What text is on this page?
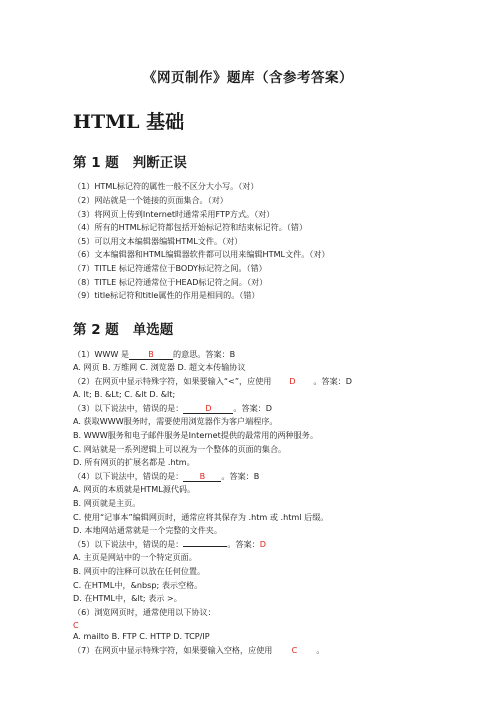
《网页制作》题库（含参考答案）
HTML 基础
第 1 题 判断正误
（1）HTML标记符的属性一般不区分大小写。（对）
（2）网站就是一个链接的页面集合。（对）
（3）将网页上传到Internet时通常采用FTP方式。（对）
（4）所有的HTML标记符都包括开始标记符和结束标记符。（错）
（5）可以用文本编辑器编辑HTML文件。（对）
（6）文本编辑器和HTML编辑器软件都可以用来编辑HTML文件。（对）
（7）TITLE 标记符通常位于BODY标记符之间。（错）
（8）TITLE 标记符通常位于HEAD标记符之间。（对）
（9）title标记符和title属性的作用是相同的。（错）
第 2 题 单选题
（1）WWW 是 B 的意思。答案：B
A. 网页 B. 万维网 C. 浏览器 D. 超文本传输协议
（2）在网页中显示特殊字符，如果要输入“<”，应使用 D 。答案：D
A. lt; B. &Lt; C. &lt D. &lt;
（3）以下说法中，错误的是：	D	。答案：D
A. 获取WWW服务时，需要使用浏览器作为客户端程序。
B. WWW服务和电子邮件服务是Internet提供的最常用的两种服务。
C. 网站就是一系列逻辑上可以视为一个整体的页面的集合。
D. 所有网页的扩展名都是 .htm。
（4）以下说法中，错误的是： B 。答案：B
A. 网页的本质就是HTML源代码。
B. 网页就是主页。
C. 使用“记事本”编辑网页时，通常应将其保存为 .htm 或 .html 后缀。
D. 本地网站通常就是一个完整的文件夹。
（5）以下说法中，错误的是：	。答案：D
A. 主页是网站中的一个特定页面。
B. 网页中的注释可以放在任何位置。
C. 在HTML中，&nbsp; 表示空格。
D. 在HTML中，&lt; 表示 >。
（6）浏览网页时，通常使用以下协议：
C

A. mailto B. FTP C. HTTP D. TCP/IP
（7）在网页中显示特殊字符，如果要输入空格，应使用 C 。
